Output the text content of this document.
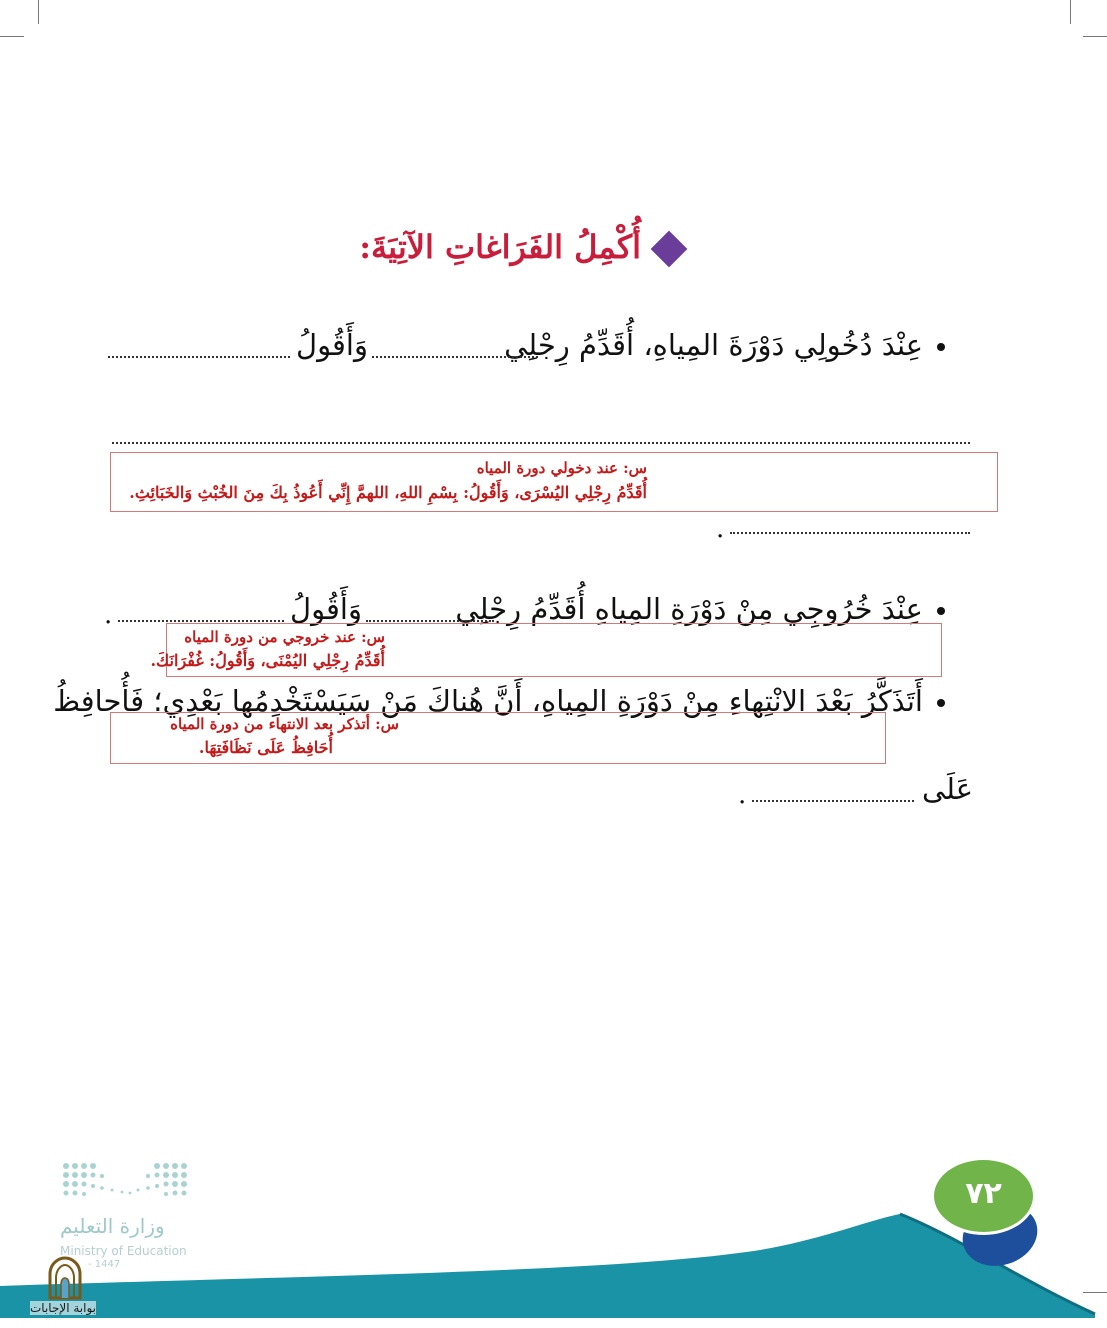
أُكْمِلُ الفَرَاغاتِ الآتِيَةَ:
عِنْدَ دُخُولِي دَوْرَةَ المِياهِ، أُقَدِّمُ رِجْلِي
وَأَقُولُ
س: عند دخولي دورة المياه
أُقَدِّمُ رِجْلِي اليُسْرَى، وَأَقُولُ: بِسْمِ اللهِ، اللهمَّ إِنِّي أَعُوذُ بِكَ مِنَ الخُبْثِ وَالخَبَائِثِ.
.
عِنْدَ خُرُوجِي مِنْ دَوْرَةِ المِياهِ أُقَدِّمُ رِجْلِي
وَأَقُولُ
.
س: عند خروجي من دورة المياه
أُقَدِّمُ رِجْلِي اليُمْنَى، وَأَقُولُ: غُفْرَانَكَ.
أَتَذَكَّرُ بَعْدَ الانْتِهاءِ مِنْ دَوْرَةِ المِياهِ، أَنَّ هُناكَ مَنْ سَيَسْتَخْدِمُها بَعْدِي؛ فَأُحافِظُ
س: أتذكر بعد الانتهاء من دورة المياه
أُحَافِظُ عَلَى نَظَافَتِهَا.
عَلَى
.
٧٢
وزارة التعليم
Ministry of Education
- 1447
بوابة الإجابات
